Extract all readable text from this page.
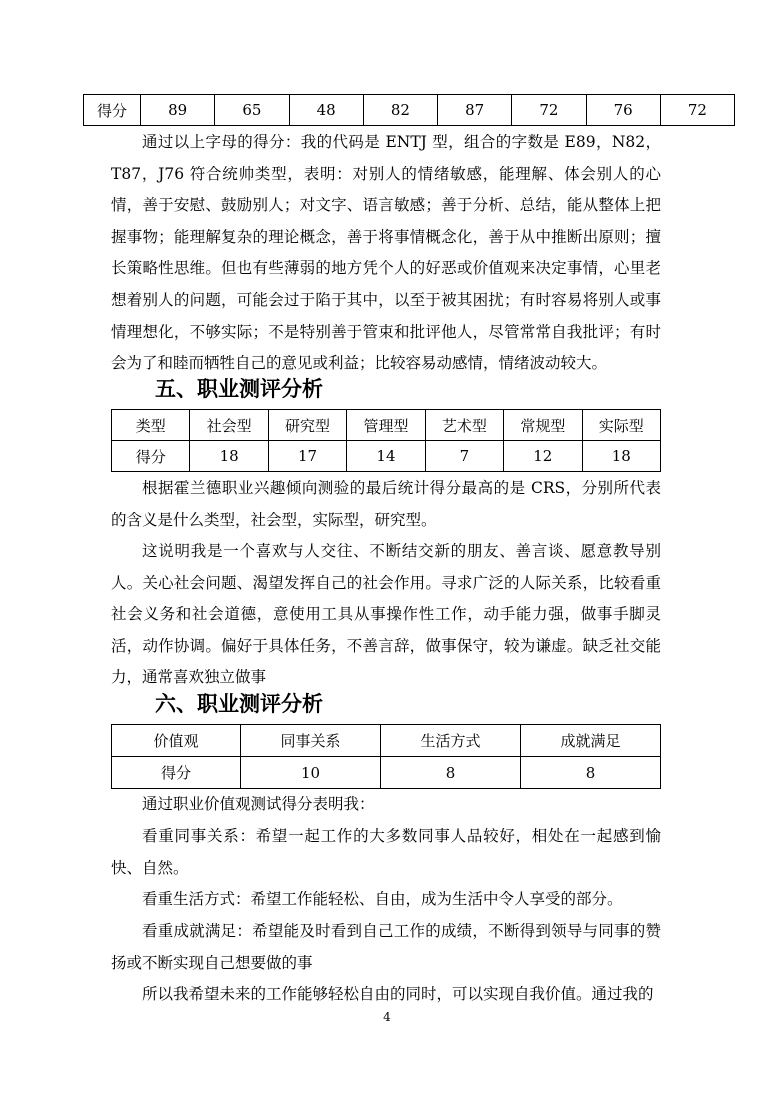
得分	89	65	48	82	87	72	76	72

通过以上字母的得分：我的代码是 ENTJ 型，组合的字数是 E89，N82，T87，J76 符合统帅类型，表明：对别人的情绪敏感，能理解、体会别人的心情，善于安慰、鼓励别人；对文字、语言敏感；善于分析、总结，能从整体上把握事物；能理解复杂的理论概念，善于将事情概念化，善于从中推断出原则；擅长策略性思维。但也有些薄弱的地方凭个人的好恶或价值观来决定事情，心里老想着别人的问题，可能会过于陷于其中，以至于被其困扰；有时容易将别人或事情理想化，不够实际；不是特别善于管束和批评他人，尽管常常自我批评；有时会为了和睦而牺牲自己的意见或利益；比较容易动感情，情绪波动较大。

五、职业测评分析
类型	社会型	研究型	管理型	艺术型	常规型	实际型
得分	18	17	14	7	12	18

根据霍兰德职业兴趣倾向测验的最后统计得分最高的是 CRS，分别所代表的含义是什么类型，社会型，实际型，研究型。

这说明我是一个喜欢与人交往、不断结交新的朋友、善言谈、愿意教导别人。关心社会问题、渴望发挥自己的社会作用。寻求广泛的人际关系，比较看重社会义务和社会道德，意使用工具从事操作性工作，动手能力强，做事手脚灵活，动作协调。偏好于具体任务，不善言辞，做事保守，较为谦虚。缺乏社交能力，通常喜欢独立做事

六、职业测评分析
价值观	同事关系	生活方式	成就满足
得分	10	8	8

通过职业价值观测试得分表明我：

看重同事关系：希望一起工作的大多数同事人品较好，相处在一起感到愉快、自然。

看重生活方式：希望工作能轻松、自由，成为生活中令人享受的部分。

看重成就满足：希望能及时看到自己工作的成绩，不断得到领导与同事的赞扬或不断实现自己想要做的事

所以我希望未来的工作能够轻松自由的同时，可以实现自我价值。通过我的

4
